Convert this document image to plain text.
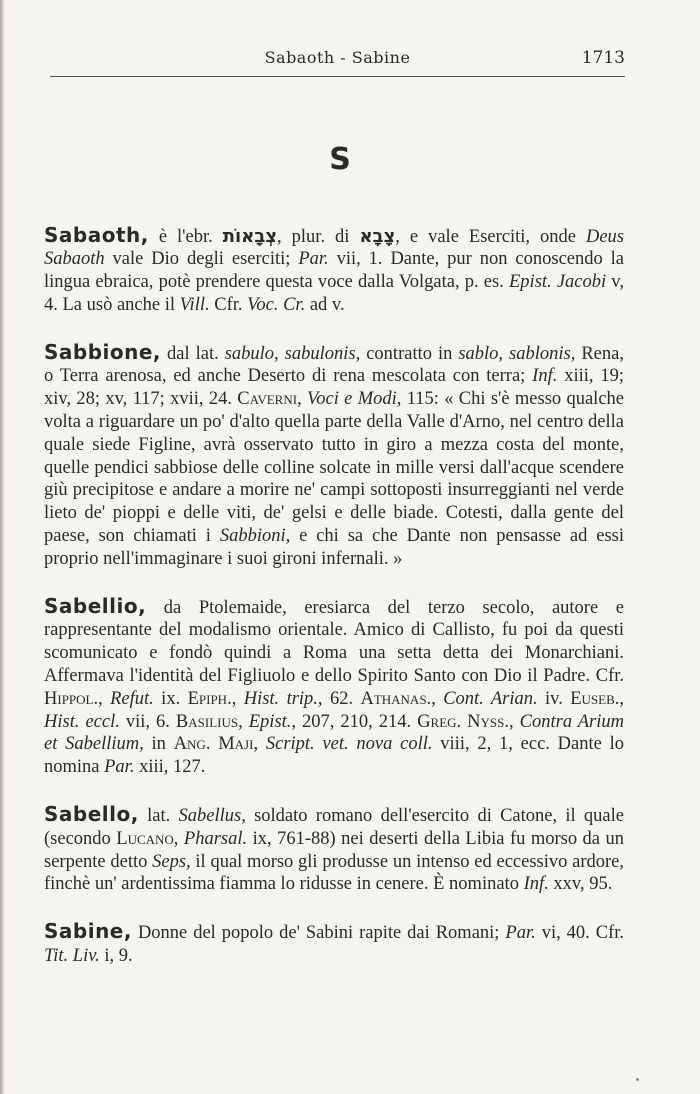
Sabaoth - Sabine	1713
S

Sabaoth, è l'ebr. צְבָאוֹת, plur. di צָבָא, e vale Eserciti, onde Deus Sabaoth vale Dio degli eserciti; Par. vii, 1. Dante, pur non conoscendo la lingua ebraica, potè prendere questa voce dalla Volgata, p. es. Epist. Jacobi v, 4. La usò anche il Vill. Cfr. Voc. Cr. ad v.

Sabbione, dal lat. sabulo, sabulonis, contratto in sablo, sablonis, Rena, o Terra arenosa, ed anche Deserto di rena mescolata con terra; Inf. xiii, 19; xiv, 28; xv, 117; xvii, 24. Caverni, Voci e Modi, 115: « Chi s'è messo qualche volta a riguardare un po' d'alto quella parte della Valle d'Arno, nel centro della quale siede Figline, avrà osservato tutto in giro a mezza costa del monte, quelle pendici sabbiose delle colline solcate in mille versi dall'acque scendere giù precipitose e andare a morire ne' campi sottoposti insurreggianti nel verde lieto de' pioppi e delle viti, de' gelsi e delle biade. Cotesti, dalla gente del paese, son chiamati i Sabbioni, e chi sa che Dante non pensasse ad essi proprio nell'immaginare i suoi gironi infernali. »

Sabellio, da Ptolemaide, eresiarca del terzo secolo, autore e rappresentante del modalismo orientale. Amico di Callisto, fu poi da questi scomunicato e fondò quindi a Roma una setta detta dei Monarchiani. Affermava l'identità del Figliuolo e dello Spirito Santo con Dio il Padre. Cfr. Hippol., Refut. ix. Epiph., Hist. trip., 62. Athanas., Cont. Arian. iv. Euseb., Hist. eccl. vii, 6. Basilius, Epist., 207, 210, 214. Greg. Nyss., Contra Arium et Sabellium, in Ang. Maji, Script. vet. nova coll. viii, 2, 1, ecc. Dante lo nomina Par. xiii, 127.

Sabello, lat. Sabellus, soldato romano dell'esercito di Catone, il quale (secondo Lucano, Pharsal. ix, 761-88) nei deserti della Libia fu morso da un serpente detto Seps, il qual morso gli produsse un intenso ed eccessivo ardore, finchè un' ardentissima fiamma lo ridusse in cenere. È nominato Inf. xxv, 95.

Sabine, Donne del popolo de' Sabini rapite dai Romani; Par. vi, 40. Cfr. Tit. Liv. i, 9.
